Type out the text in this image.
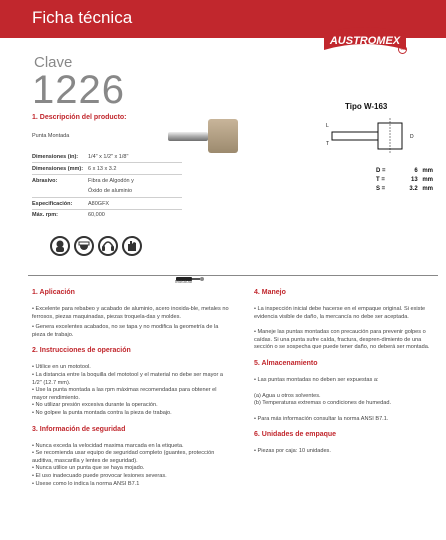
Ficha técnica
AUSTROMEX
®
Clave
1226
1. Descripción del producto:
Punta Montada
Dimensiones (in): 1/4" x 1/2" x 1/8"
Dimensiones (mm): 6 x 13 x 3.2
Abrasivo:	Fibra de Algodón y
Óxido de aluminio
Especificación:	A80GFX
Máx. rpm:	60,000
Tipo W-163
L
T
D
D =	6 mm
T =	13 mm
S =	3.2 mm
Mototool
1. Aplicación

• Excelente para rebabeo y acabado de aluminio, acero inoxida-ble, metales no ferrosos, piezas maquinadas, piezas troquela-das y moldes.

• Genera excelentes acabados, no se tapa y no modifica la geometría de la pieza de trabajo.

2. Instrucciones de operación

• Utilice en un mototool.

• La distancia entre la boquilla del mototool y el material no debe ser mayor a 1/2" (12.7 mm).

• Use la punta montada a las rpm máximas recomendadas para obtener el mayor rendimiento.

• No utilizar presión excesiva durante la operación.

• No golpee la punta montada contra la pieza de trabajo.

3. Información de seguridad

• Nunca exceda la velocidad maxima marcada en la etiqueta.

• Se recomienda usar equipo de seguridad completo (guantes, protección auditiva, mascarilla y lentes de seguridad).

• Nunca utilice un punta que se haya mojado.

• El uso inadecuado puede provocar lesiones severas.

• Usese como lo indica la norma ANSI B7.1

4. Manejo

• La inspección inicial debe hacerse en el empaque original. Si existe evidencia visible de daño, la mercancía no debe ser aceptada.

• Maneje las puntas montadas con precaución para prevenir golpes o caídas. Si una punta sufre caída, fractura, despren-dimiento de una sección o se sospecha que puede tener daño, no deberá ser montada.

5. Almacenamiento

• Las puntas montadas no deben ser expuestas a:

(a) Agua u otros solventes.

(b) Temperaturas extremas o condiciones de humedad.

• Para más información consultar la norma ANSI B7.1.

6. Unidades de empaque

• Piezas por caja: 10 unidades.
